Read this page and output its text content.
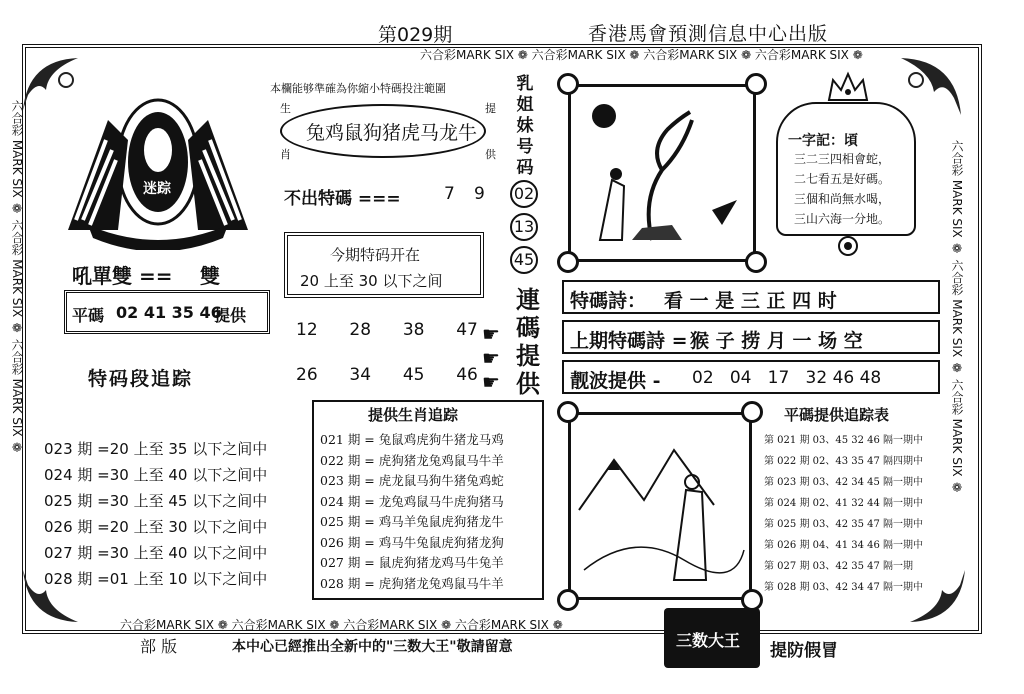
第029期	香港馬會預測信息中心出版
六合彩MARK SIX ❁ 六合彩MARK SIX ❁ 六合彩MARK SIX ❁ 六合彩MARK SIX ❁
六合彩 MARK SIX ❁ 六合彩 MARK SIX ❁ 六合彩 MARK SIX ❁	六合彩 MARK SIX ❁ 六合彩 MARK SIX ❁ 六合彩 MARK SIX ❁
六合彩MARK SIX ❁ 六合彩MARK SIX ❁ 六合彩MARK SIX ❁ 六合彩MARK SIX ❁
迷踪
吼單雙 == 雙
平碼 02 41 35 46
提供
特码段追踪
本欄能够準確為你縮小特碼投注範圍
生
肖
提
供
兔鸡鼠狗猪虎马龙牛
不出特碼 ===	7 9
今期特码开在
20 上至 30 以下之间
12 28 38 47
26 34 45 46
☛
☛
☛
乳
姐
妹
号
码
02
13
45
連
碼
提
供
一字記：頃
三二三四相會蛇，
二七看五是好碼。
三個和尚無水喝，
三山六海一分地。
特碼詩： 看 一 是 三 正 四 时
上期特碼詩 = 猴 子 捞 月 一 场 空
靓波提供 - 02   04   17   32 46 48
023 期 =20 上至 35 以下之间中
024 期 =30 上至 40 以下之间中
025 期 =30 上至 45 以下之间中
026 期 =20 上至 30 以下之间中
027 期 =30 上至 40 以下之间中
028 期 =01 上至 10 以下之间中
提供生肖追踪
021 期 = 兔鼠鸡虎狗牛猪龙马鸡
022 期 = 虎狗猪龙兔鸡鼠马牛羊
023 期 = 虎龙鼠马狗牛猪兔鸡蛇
024 期 = 龙兔鸡鼠马牛虎狗猪马
025 期 = 鸡马羊兔鼠虎狗猪龙牛
026 期 = 鸡马牛兔鼠虎狗猪龙狗
027 期 = 鼠虎狗猪龙鸡马牛兔羊
028 期 = 虎狗猪龙兔鸡鼠马牛羊
平碼提供追踪表
第 021 期 03、45 32 46 隔一期中
第 022 期 02、43 35 47 隔四期中
第 023 期 03、42 34 45 隔一期中
第 024 期 02、41 32 44 隔一期中
第 025 期 03、42 35 47 隔一期中
第 026 期 04、41 34 46 隔一期中
第 027 期 03、42 35 47 隔一期
第 028 期 03、42 34 47 隔一期中
部 版	本中心已經推出全新中的"三数大王"敬請留意	三数大王
提防假冒
